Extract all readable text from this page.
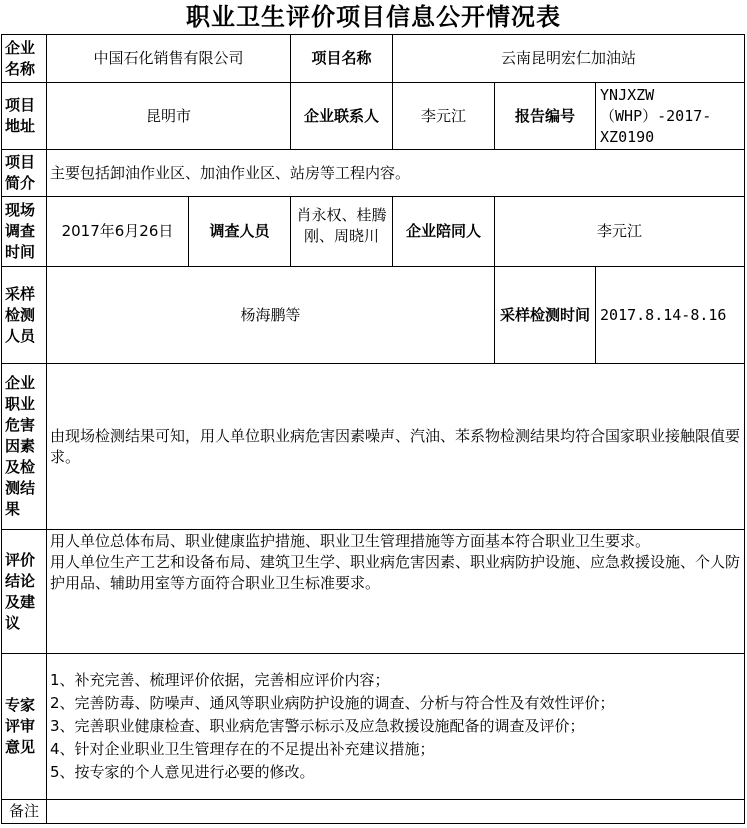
职业卫生评价项目信息公开情况表
企业名称	中国石化销售有限公司		项目名称	云南昆明宏仁加油站		
项目地址	昆明市		企业联系人	李元江	报告编号	YNJXZW（WHP）-2017-XZ0190
项目简介	主要包括卸油作业区、加油作业区、站房等工程内容。					
现场调查时间	2017年6月26日	调查人员	肖永权、桂腾刚、周晓川	企业陪同人	李元江	
采样检测人员	杨海鹏等				采样检测时间	2017.8.14-8.16
企业职业危害因素及检测结果	由现场检测结果可知，用人单位职业病危害因素噪声、汽油、苯系物检测结果均符合国家职业接触限值要求。					
评价结论及建议	用人单位总体布局、职业健康监护措施、职业卫生管理措施等方面基本符合职业卫生要求。
用人单位生产工艺和设备布局、建筑卫生学、职业病危害因素、职业病防护设施、应急救援设施、个人防护用品、辅助用室等方面符合职业卫生标准要求。					

专家评审意见	1、补充完善、梳理评价依据，完善相应评价内容；
2、完善防毒、防噪声、通风等职业病防护设施的调查、分析与符合性及有效性评价；
3、完善职业健康检查、职业病危害警示标示及应急救援设施配备的调查及评价；
4、针对企业职业卫生管理存在的不足提出补充建议措施；
5、按专家的个人意见进行必要的修改。					

备注						
